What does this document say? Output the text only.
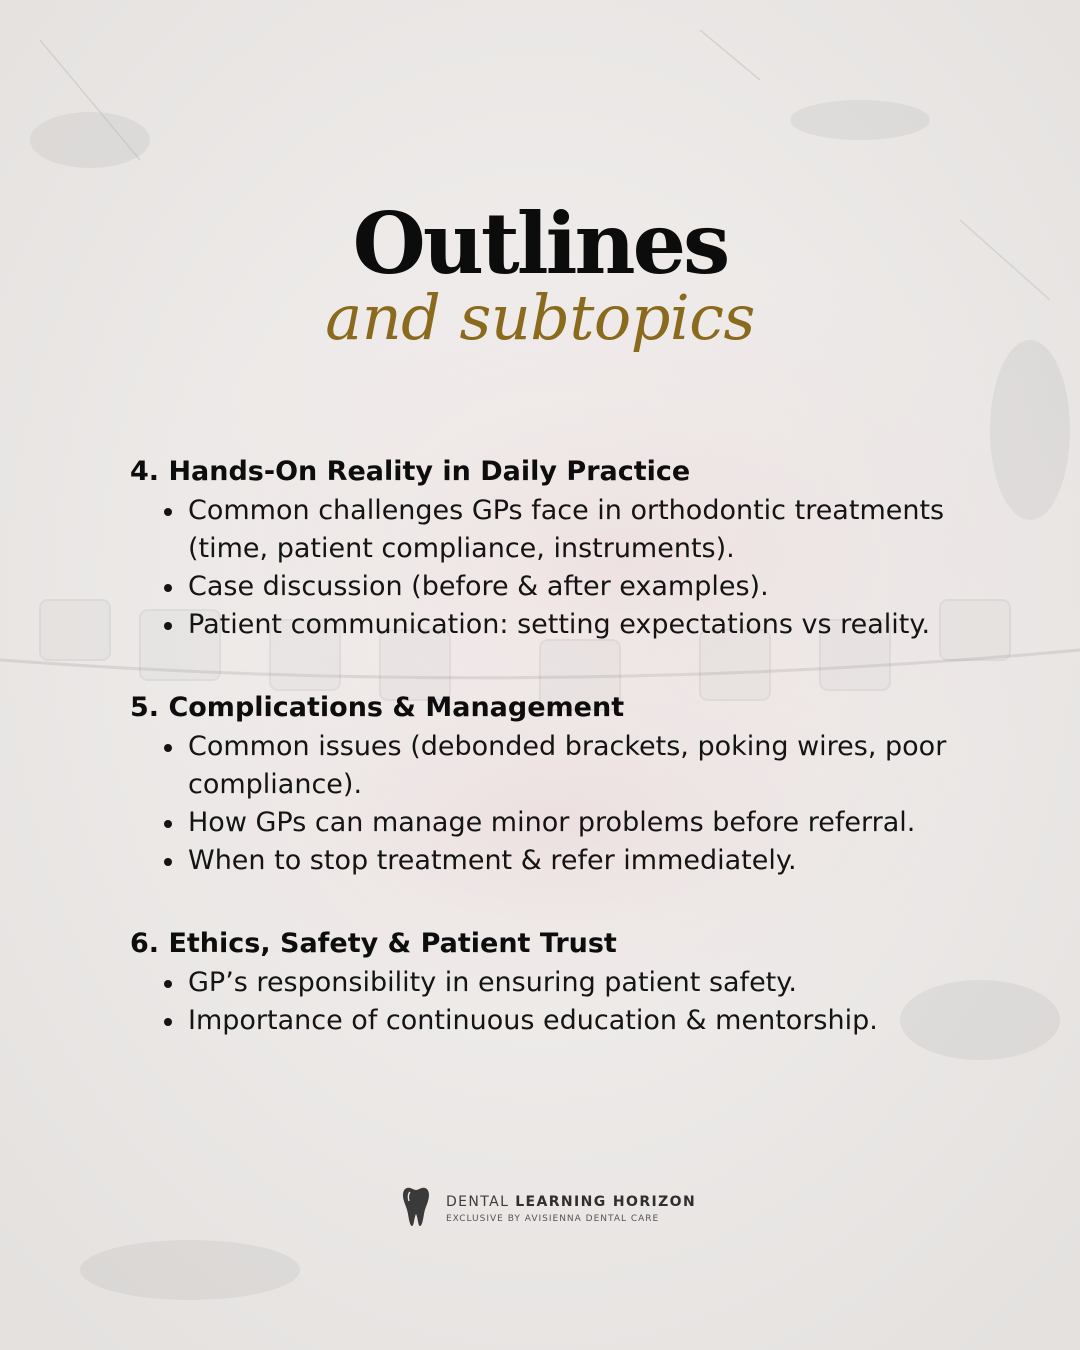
Outlines

and subtopics

4. Hands-On Reality in Daily Practice
Common challenges GPs face in orthodontic treatments (time, patient compliance, instruments).
Case discussion (before & after examples).
Patient communication: setting expectations vs reality.
5. Complications & Management
Common issues (debonded brackets, poking wires, poor compliance).
How GPs can manage minor problems before referral.
When to stop treatment & refer immediately.
6. Ethics, Safety & Patient Trust
GP’s responsibility in ensuring patient safety.
Importance of continuous education & mentorship.
DENTAL LEARNING HORIZON
EXCLUSIVE BY AVISIENNA DENTAL CARE
